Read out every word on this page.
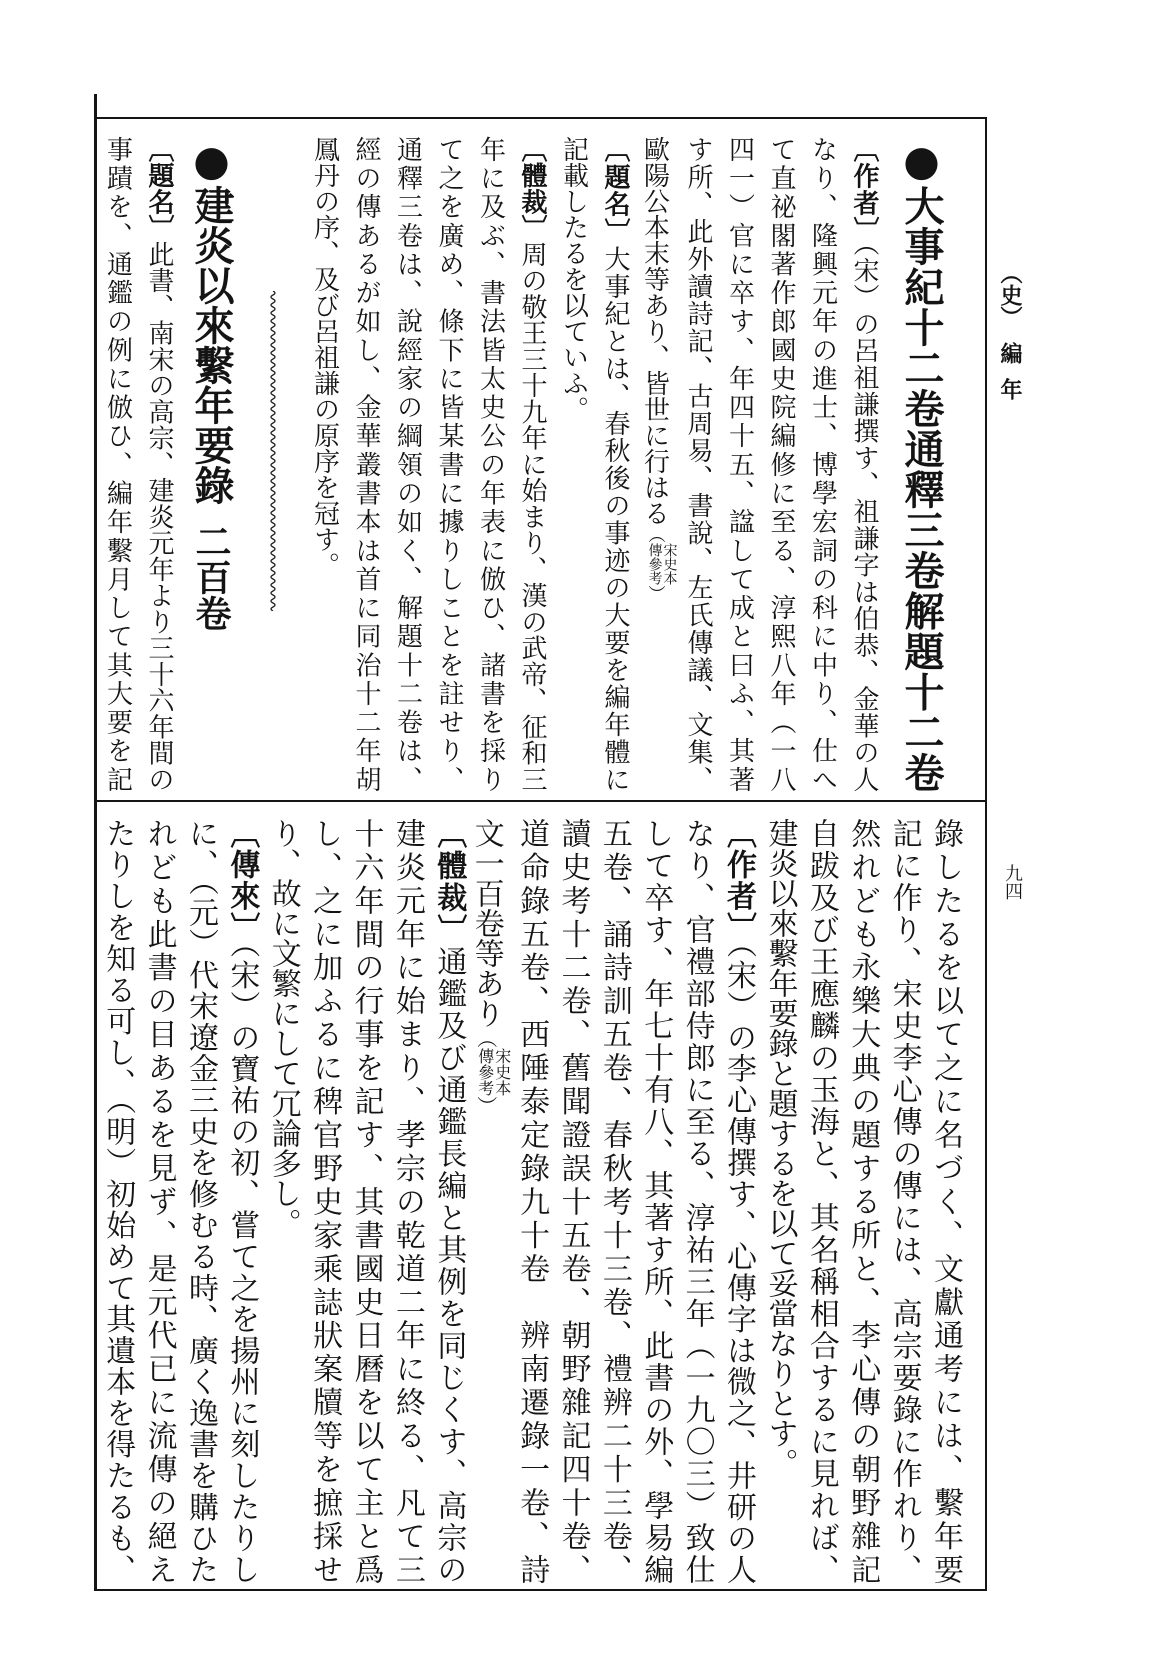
（史）編年
九四
●大事紀十二卷通釋三卷解題十二卷
〔作者〕（宋）の呂祖謙撰す、祖謙字は伯恭、金華の人
なり、隆興元年の進士、博學宏詞の科に中り、仕へ
て直祕閣著作郎國史院編修に至る、淳熙八年（一八
四一）官に卒す、年四十五、諡して成と曰ふ、其著
す所、此外讀詩記、古周易、書說、左氏傳議、文集、
歐陽公本末等あり、皆世に行はる（
宋史本
傳參考
）
〔題名〕大事紀とは、春秋後の事迹の大要を編年體に
記載したるを以ていふ。
〔體裁〕周の敬王三十九年に始まり、漢の武帝、征和三
年に及ぶ、書法皆太史公の年表に倣ひ、諸書を採り
て之を廣め、條下に皆某書に據りしことを註せり、
通釋三卷は、說經家の綱領の如く、解題十二卷は、
經の傳あるが如し、金華叢書本は首に同治十二年胡
鳳丹の序、及び呂祖謙の原序を冠す。
●建炎以來繫年要錄二百卷
〔題名〕此書、南宋の高宗、建炎元年より三十六年間の
事蹟を、通鑑の例に倣ひ、編年繫月して其大要を記
錄したるを以て之に名づく、文獻通考には、繫年要
記に作り、宋史李心傳の傳には、高宗要錄に作れり、
然れども永樂大典の題する所と、李心傳の朝野雜記
自跋及び王應麟の玉海と、其名稱相合するに見れば、
建炎以來繫年要錄と題するを以て妥當なりとす。
〔作者〕（宋）の李心傳撰す、心傳字は微之、井研の人
なり、官禮部侍郎に至る、淳祐三年（一九〇三）致仕
して卒す、年七十有八、其著す所、此書の外、學易編
五卷、誦詩訓五卷、春秋考十三卷、禮辨二十三卷、
讀史考十二卷、舊聞證誤十五卷、朝野雜記四十卷、
道命錄五卷、西陲泰定錄九十卷　辨南遷錄一卷、詩
文一百卷等あり（
宋史本
傳參考
）
〔體裁〕通鑑及び通鑑長編と其例を同じくす、高宗の
建炎元年に始まり、孝宗の乾道二年に終る、凡て三
十六年間の行事を記す、其書國史日曆を以て主と爲
し、之に加ふるに稗官野史家乘誌狀案牘等を摭採せ
り、故に文繁にして冗論多し。
〔傳來〕（宋）の寶祐の初、嘗て之を揚州に刻したりし
に、（元）代宋遼金三史を修むる時、廣く逸書を購ひた
れども此書の目あるを見ず、是元代已に流傳の絕え
たりしを知る可し、（明）初始めて其遺本を得たるも、
